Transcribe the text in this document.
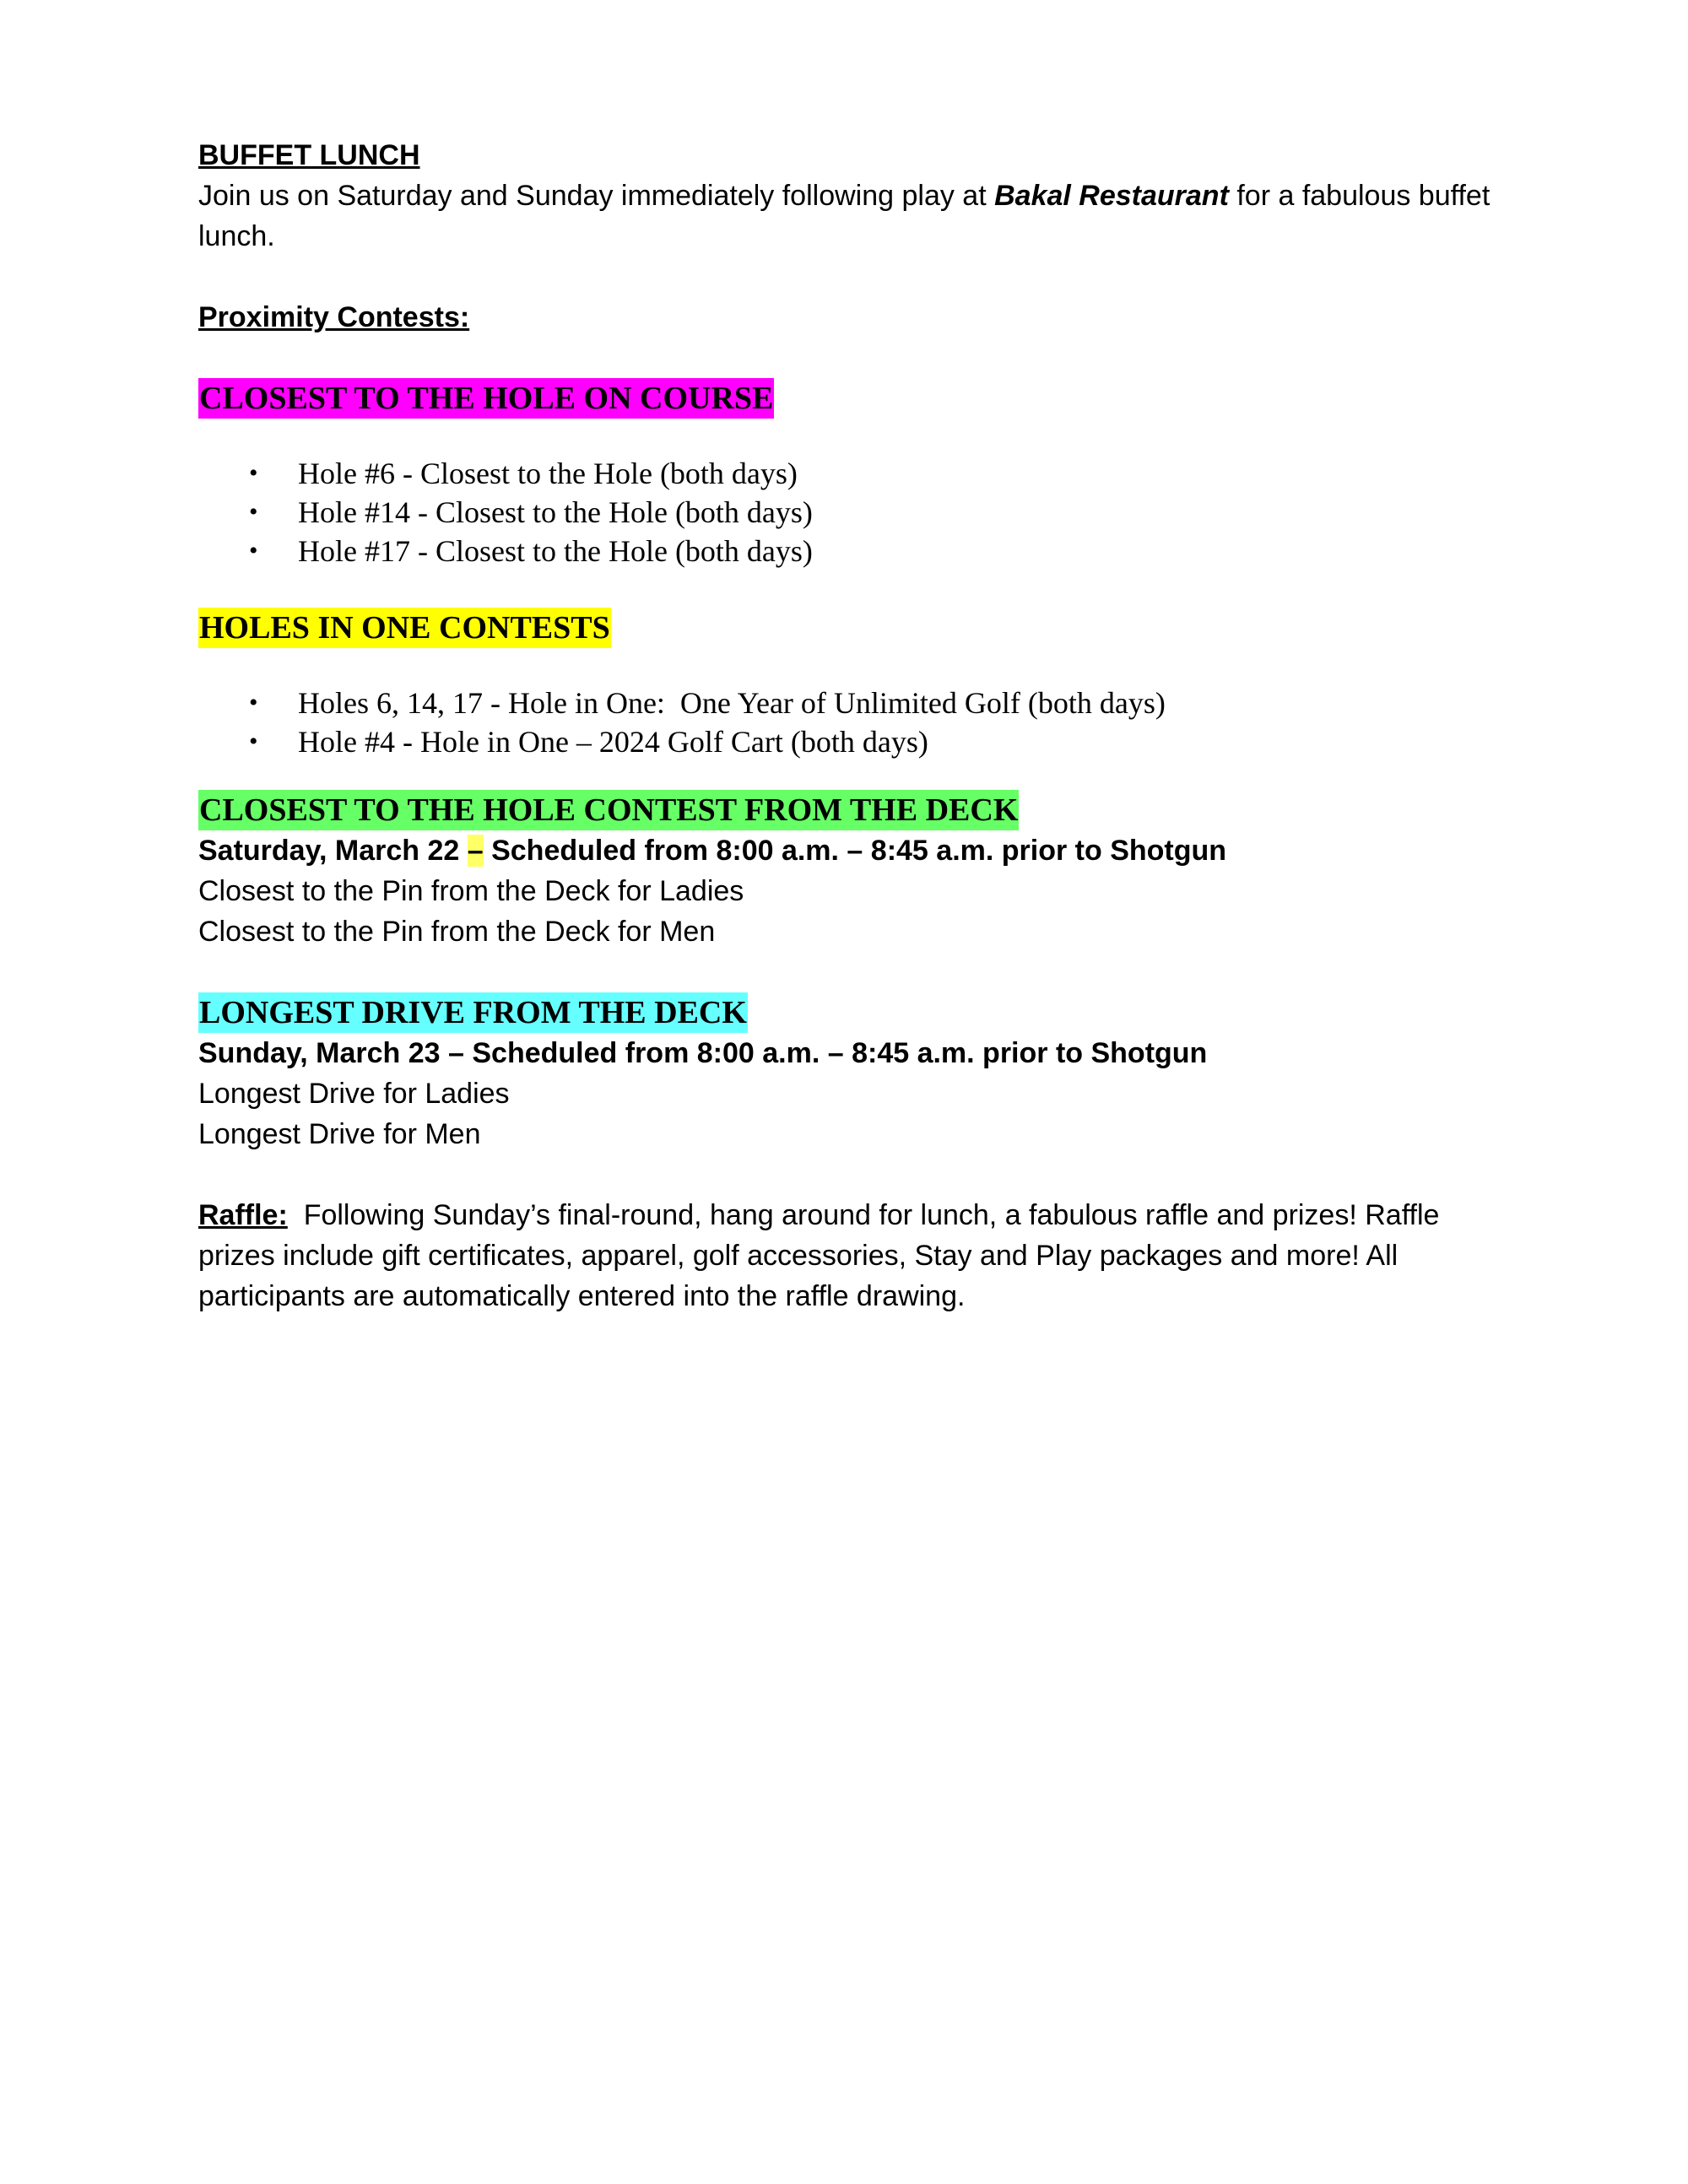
BUFFET LUNCH
Join us on Saturday and Sunday immediately following play at Bakal Restaurant for a fabulous buffet lunch.
Proximity Contests:
CLOSEST TO THE HOLE ON COURSE
• Hole #6 - Closest to the Hole (both days)
• Hole #14 - Closest to the Hole (both days)
• Hole #17 - Closest to the Hole (both days)
HOLES IN ONE CONTESTS
• Holes 6, 14, 17 - Hole in One:  One Year of Unlimited Golf (both days)
• Hole #4 - Hole in One – 2024 Golf Cart (both days)
CLOSEST TO THE HOLE CONTEST FROM THE DECK
Saturday, March 22 – Scheduled from 8:00 a.m. – 8:45 a.m. prior to Shotgun
Closest to the Pin from the Deck for Ladies
Closest to the Pin from the Deck for Men
LONGEST DRIVE FROM THE DECK
Sunday, March 23 – Scheduled from 8:00 a.m. – 8:45 a.m. prior to Shotgun
Longest Drive for Ladies
Longest Drive for Men
Raffle:  Following Sunday’s final-round, hang around for lunch, a fabulous raffle and prizes! Raffle prizes include gift certificates, apparel, golf accessories, Stay and Play packages and more! All participants are automatically entered into the raffle drawing.
